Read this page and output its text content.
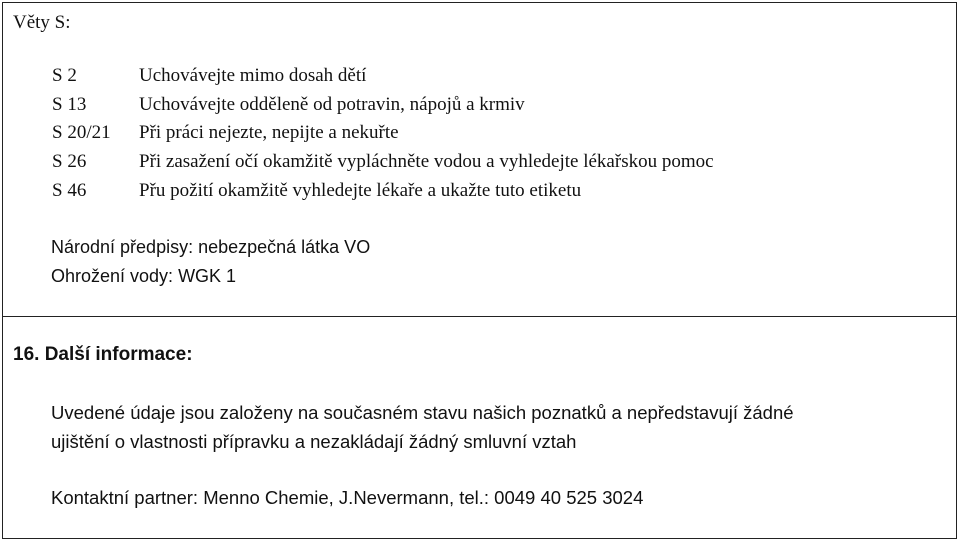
Věty S:
S 2	Uchovávejte mimo dosah dětí
S 13	Uchovávejte odděleně od potravin, nápojů a krmiv
S 20/21 Při práci nejezte, nepijte a nekuřte
S 26	Při zasažení očí okamžitě vypláchněte vodou a vyhledejte lékařskou pomoc
S 46	Přu požití okamžitě vyhledejte lékaře a ukažte tuto etiketu
Národní předpisy: nebezpečná látka VO
Ohrožení vody: WGK 1
16. Další informace:
Uvedené údaje jsou založeny na současném stavu našich poznatků a nepředstavují žádné
ujištění o vlastnosti přípravku a nezakládají žádný smluvní vztah
Kontaktní partner: Menno Chemie, J.Nevermann, tel.: 0049 40 525 3024
